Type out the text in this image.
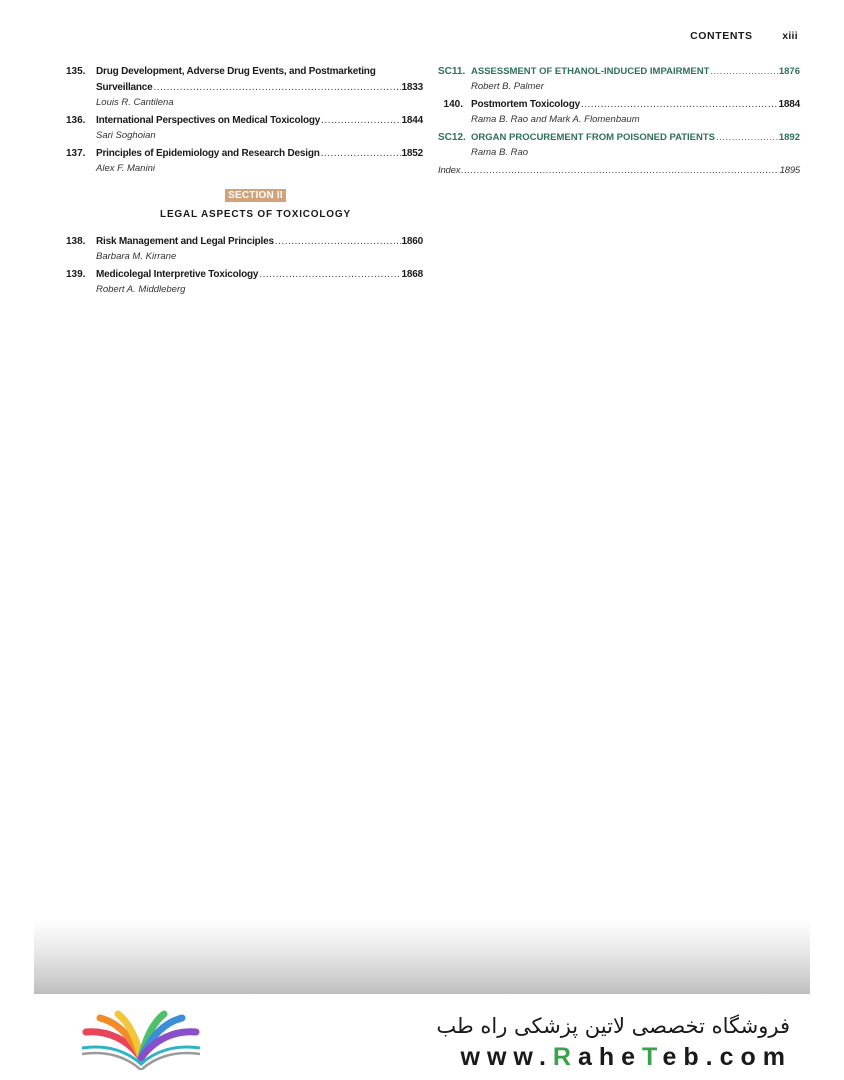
CONTENTS	xiii
135.	Drug Development, Adverse Drug Events, and Postmarketing
Surveillance .....	1833
Louis R. Cantilena
136.	International Perspectives on Medical Toxicology .....	1844
Sari Soghoian
137.	Principles of Epidemiology and Research Design .....	1852
Alex F. Manini
SECTION II
LEGAL ASPECTS OF TOXICOLOGY
138.	Risk Management and Legal Principles .....	1860
Barbara M. Kirrane
139.	Medicolegal Interpretive Toxicology .....	1868
Robert A. Middleberg
SC11. ASSESSMENT OF ETHANOL-INDUCED IMPAIRMENT .....	1876
Robert B. Palmer
140. Postmortem Toxicology .....	1884
Rama B. Rao and Mark A. Flomenbaum
SC12. ORGAN PROCUREMENT FROM POISONED PATIENTS .....	1892
Rama B. Rao
Index .....	1895
فروشگاه تخصصی لاتین پزشکی راه طب
www.RaheTeb.com
